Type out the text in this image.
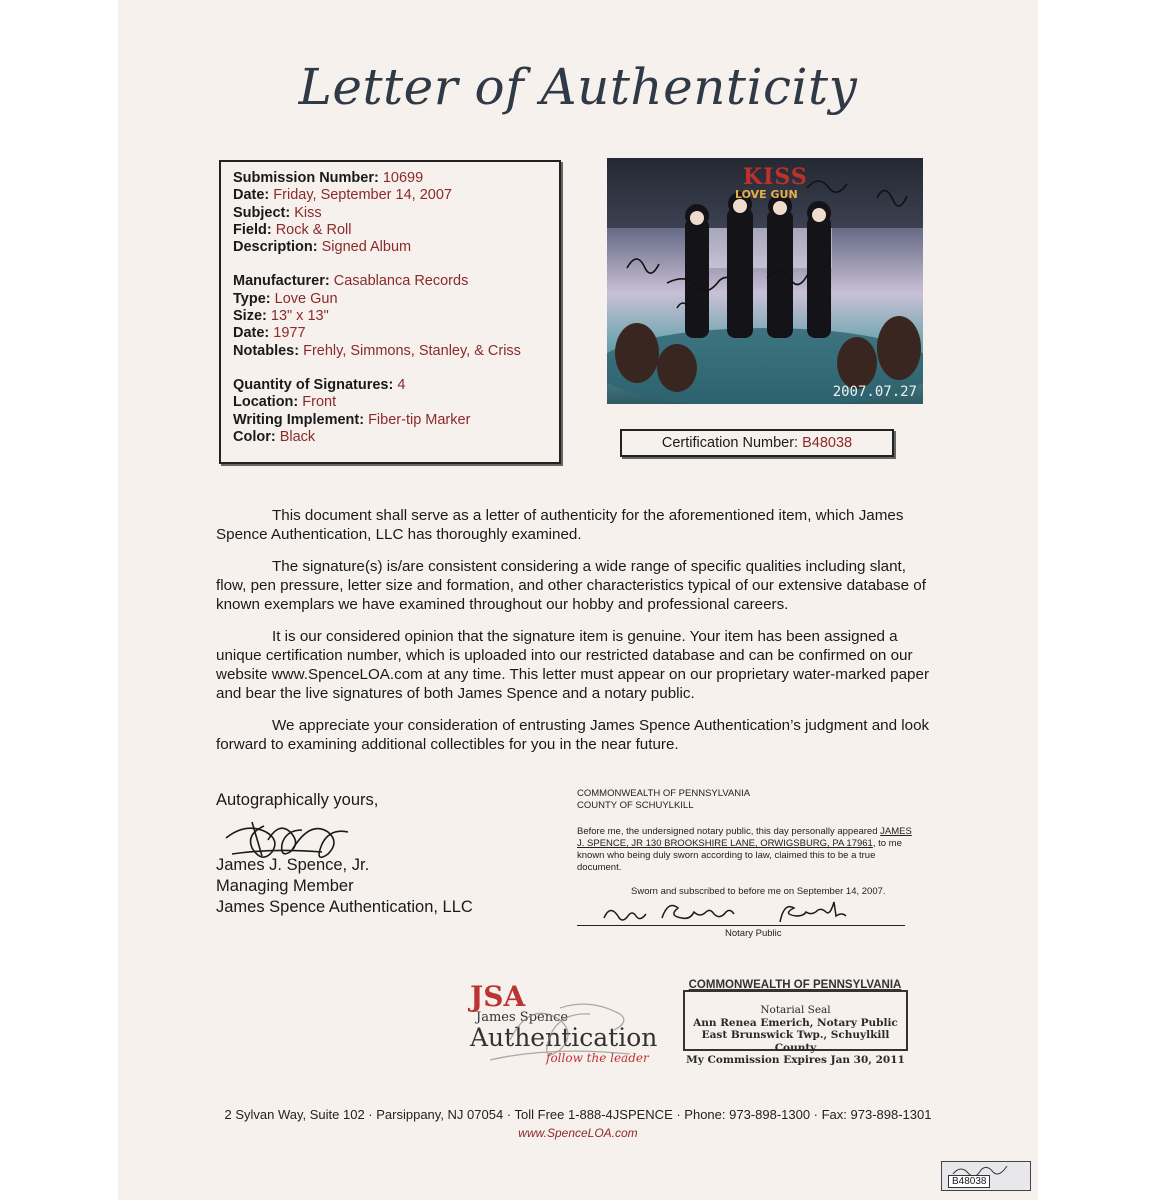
Letter of Authenticity
Submission Number: 10699
Date: Friday, September 14, 2007
Subject: Kiss
Field: Rock & Roll
Description: Signed Album
Manufacturer: Casablanca Records
Type: Love Gun
Size: 13" x 13"
Date: 1977
Notables: Frehly, Simmons, Stanley, & Criss
Quantity of Signatures: 4
Location: Front
Writing Implement: Fiber-tip Marker
Color: Black
KISS
LOVE GUN
2007.07.27
Certification Number: B48038

This document shall serve as a letter of authenticity for the aforementioned item, which James Spence Authentication, LLC has thoroughly examined.

The signature(s) is/are consistent considering a wide range of specific qualities including slant, flow, pen pressure, letter size and formation, and other characteristics typical of our extensive database of known exemplars we have examined throughout our hobby and professional careers.

It is our considered opinion that the signature item is genuine. Your item has been assigned a unique certification number, which is uploaded into our restricted database and can be confirmed on our website www.SpenceLOA.com at any time. This letter must appear on our proprietary water-marked paper and bear the live signatures of both James Spence and a notary public.

We appreciate your consideration of entrusting James Spence Authentication’s judgment and look forward to examining additional collectibles for you in the near future.

Autographically yours,
James J. Spence, Jr.
Managing Member
James Spence Authentication, LLC
COMMONWEALTH OF PENNSYLVANIA
COUNTY OF SCHUYLKILL
Before me, the undersigned notary public, this day personally appeared JAMES J. SPENCE, JR 130 BROOKSHIRE LANE, ORWIGSBURG, PA 17961, to me known who being duly sworn according to law, claimed this to be a true document.
Sworn and subscribed to before me on September 14, 2007.
Notary Public
JSA
James Spence
Authentication
follow the leader
COMMONWEALTH OF PENNSYLVANIA
Notarial Seal
Ann Renea Emerich, Notary Public
East Brunswick Twp., Schuylkill County
My Commission Expires Jan 30, 2011
2 Sylvan Way, Suite 102 · Parsippany, NJ 07054 · Toll Free 1-888-4JSPENCE · Phone: 973-898-1300 · Fax: 973-898-1301
www.SpenceLOA.com
B48038
